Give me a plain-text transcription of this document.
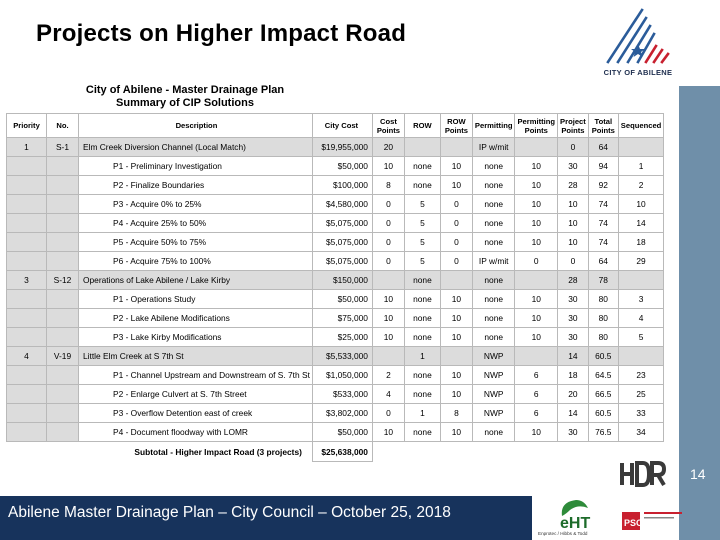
Projects on Higher Impact Road
CITY OF ABILENE
City of Abilene - Master Drainage Plan
Summary of CIP Solutions
Priority	No.	Description	City Cost	Cost Points	ROW	ROW Points	Permitting	Permitting Points	Project Points	Total Points	Sequenced
1	S-1	Elm Creek Diversion Channel (Local Match)	$19,955,000	20			IP w/mit		0	64	
		P1 - Preliminary Investigation	$50,000	10	none	10	none	10	30	94	1
		P2 - Finalize Boundaries	$100,000	8	none	10	none	10	28	92	2
		P3 - Acquire 0% to 25%	$4,580,000	0	5	0	none	10	10	74	10
		P4 - Acquire 25% to 50%	$5,075,000	0	5	0	none	10	10	74	14
		P5 - Acquire 50% to 75%	$5,075,000	0	5	0	none	10	10	74	18
		P6 - Acquire 75% to 100%	$5,075,000	0	5	0	IP w/mit	0	0	64	29
3	S-12	Operations of Lake Abilene / Lake Kirby	$150,000		none		none		28	78	
		P1 - Operations Study	$50,000	10	none	10	none	10	30	80	3
		P2 - Lake Abilene Modifications	$75,000	10	none	10	none	10	30	80	4
		P3 - Lake Kirby Modifications	$25,000	10	none	10	none	10	30	80	5
4	V-19	Little Elm Creek at S 7th St	$5,533,000		1		NWP		14	60.5	
		P1 - Channel Upstream and Downstream of S. 7th St	$1,050,000	2	none	10	NWP	6	18	64.5	23
		P2 - Enlarge Culvert at S. 7th Street	$533,000	4	none	10	NWP	6	20	66.5	25
		P3 - Overflow Detention east of creek	$3,802,000	0	1	8	NWP	6	14	60.5	33
		P4 - Document floodway with LOMR	$50,000	10	none	10	none	10	30	76.5	34
Subtotal - Higher Impact Road (3 projects)			$25,638,000								
14
Abilene Master Drainage Plan – City Council – October 25, 2018
eHT
Enprotec / Hibbs & Todd
PSC
